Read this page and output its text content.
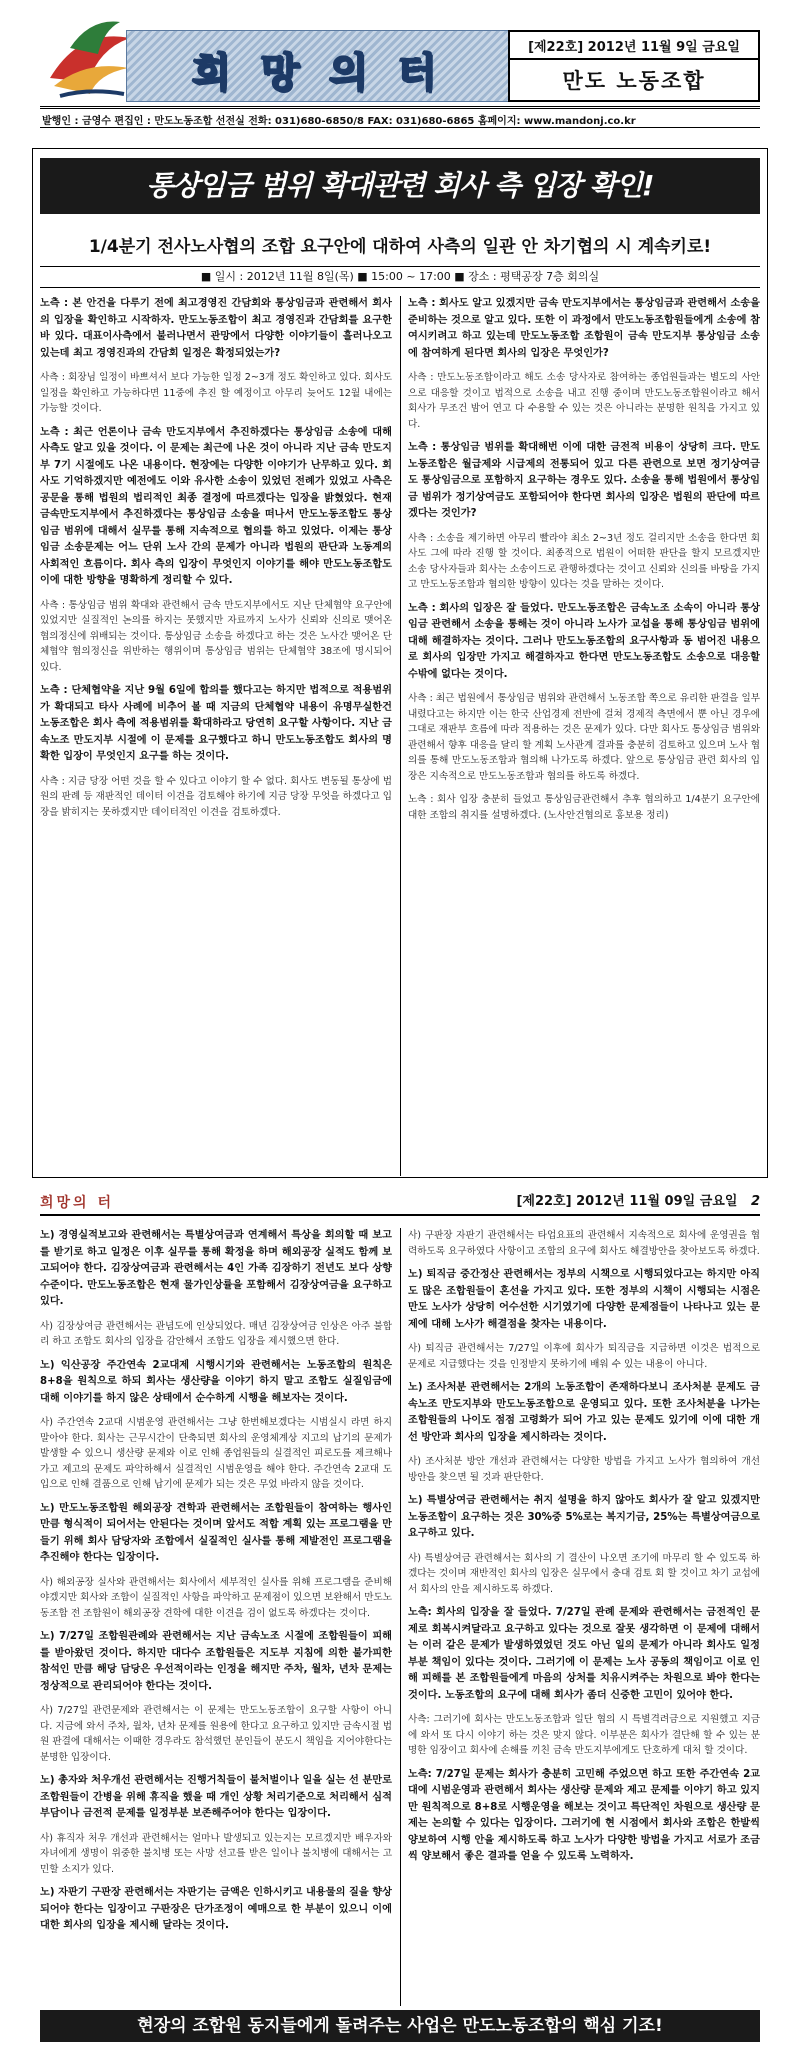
희 망 의 터
[제22호] 2012년 11월 9일 금요일
만도 노동조합
발행인 : 금영수 편집인 : 만도노동조합 선전실 전화: 031)680-6850/8 FAX: 031)680-6865 홈페이지: www.mandonj.co.kr
통상임금 범위 확대관련 회사 측 입장 확인!
1/4분기 전사노사협의 조합 요구안에 대하여 사측의 일관 안 차기협의 시 계속키로!
■ 일시 : 2012년 11월 8일(목) ■ 15:00 ~ 17:00 ■ 장소 : 평택공장 7층 회의실

노측 : 본 안건을 다루기 전에 최고경영진 간담회와 통상임금과 관련해서 회사의 입장을 확인하고 시작하자. 만도노동조합이 최고 경영진과 간담회를 요구한 바 있다. 대표이사측에서 불러나면서 관망에서 다양한 이야기들이 흘러나오고 있는데 최고 경영진과의 간담회 일정은 확정되었는가?

사측 : 회장님 일정이 바쁘셔서 보다 가능한 일정 2~3개 정도 확인하고 있다. 회사도 일정을 확인하고 가능하다면 11중에 추진 할 예정이고 아무리 늦어도 12월 내에는 가능할 것이다.

노측 : 최근 언론이나 금속 만도지부에서 추진하겠다는 통상임금 소송에 대해 사측도 알고 있을 것이다. 이 문제는 최근에 나온 것이 아니라 지난 금속 만도지부 7기 시절에도 나온 내용이다. 현장에는 다양한 이야기가 난무하고 있다. 회사도 기억하겠지만 예전에도 이와 유사한 소송이 있었던 전례가 있었고 사측은 공문을 통해 법원의 법리적인 최종 결정에 따르겠다는 입장을 밝혔었다. 현재 금속만도지부에서 추진하겠다는 통상임금 소송을 떠나서 만도노동조합도 통상임금 범위에 대해서 실무를 통해 지속적으로 협의를 하고 있었다. 이제는 통상임금 소송문제는 어느 단위 노사 간의 문제가 아니라 법원의 판단과 노동계의 사회적인 흐름이다. 회사 측의 입장이 무엇인지 이야기를 해야 만도노동조합도 이에 대한 방향을 명확하게 정리할 수 있다.

사측 : 통상임금 범위 확대와 관련해서 금속 만도지부에서도 지난 단체협약 요구안에 있었지만 실질적인 논의를 하지는 못했지만 자료까지 노사가 신뢰와 신의로 맺어온 협의정신에 위배되는 것이다. 통상임금 소송을 하겠다고 하는 것은 노사간 맺어온 단체협약 협의정신을 위반하는 행위이며 통상임금 범위는 단체협약 38조에 명시되어 있다.

노측 : 단체협약을 지난 9월 6일에 합의를 했다고는 하지만 법적으로 적용범위가 확대되고 타사 사례에 비추어 볼 때 지금의 단체협약 내용이 유명무실한건 노동조합은 회사 측에 적용범위를 확대하라고 당연히 요구할 사항이다. 지난 금속노조 만도지부 시절에 이 문제를 요구했다고 하니 만도노동조합도 회사의 명확한 입장이 무엇인지 요구를 하는 것이다.

사측 : 지금 당장 어떤 것을 할 수 있다고 이야기 할 수 없다. 회사도 변동될 통상에 법원의 판례 등 재판적인 데이터 이견을 검토해야 하기에 지금 당장 무엇을 하겠다고 입장을 밝히지는 못하겠지만 데이터적인 이견을 검토하겠다.

노측 : 회사도 알고 있겠지만 금속 만도지부에서는 통상임금과 관련해서 소송을 준비하는 것으로 알고 있다. 또한 이 과정에서 만도노동조합원들에게 소송에 참여시키려고 하고 있는데 만도노동조합 조합원이 금속 만도지부 통상임금 소송에 참여하게 된다면 회사의 입장은 무엇인가?

사측 : 만도노동조합이라고 해도 소송 당사자로 참여하는 종업원들과는 별도의 사안으로 대응할 것이고 법적으로 소송을 내고 진행 중이며 만도노동조합원이라고 해서 회사가 무조건 밤어 연고 다 수용할 수 있는 것은 아니라는 분명한 원칙을 가지고 있다.

노측 : 통상임금 범위를 확대해번 이에 대한 금전적 비용이 상당히 크다. 만도노동조합은 월급제와 시급제의 전통되어 있고 다른 관련으로 보면 정기상여금도 통상임금으로 포함하지 요구하는 경우도 있다. 소송을 통해 법원에서 통상임금 범위가 정기상여금도 포함되어야 한다면 회사의 입장은 법원의 판단에 따르겠다는 것인가?

사측 : 소송을 제기하면 아무리 빨라야 최소 2~3년 정도 걸리지만 소송을 한다면 회사도 그에 따라 진행 할 것이다. 최종적으로 법원이 어떠한 판단을 할지 모르겠지만 소송 당사자들과 회사는 소송이드로 관행하겠다는 것이고 신뢰와 신의를 바탕을 가지고 만도노동조합과 협의한 방향이 있다는 것을 말하는 것이다.

노측 : 회사의 입장은 잘 들었다. 만도노동조합은 금속노조 소속이 아니라 통상임금 관련해서 소송을 통해는 것이 아니라 노사가 교섭을 통해 통상임금 범위에 대해 해결하자는 것이다. 그러나 만도노동조합의 요구사항과 동 범어진 내용으로 회사의 입장만 가지고 해결하자고 한다면 만도노동조합도 소송으로 대응할 수밖에 없다는 것이다.

사측 : 최근 법원에서 통상임금 범위와 관련해서 노동조합 쪽으로 유리한 판결을 일부 내렸다고는 하지만 이는 한국 산업경제 전반에 걸쳐 경제적 측면에서 뿐 아닌 경우에 그대로 재판부 흐름에 따라 적용하는 것은 문제가 있다. 다만 회사도 통상임금 범위와 관련해서 향후 대응을 달리 할 계획 노사관계 결과를 충분히 검토하고 있으며 노사 협의를 통해 만도노동조합과 협의해 나가도록 하겠다. 앞으로 통상임금 관련 회사의 입장은 지속적으로 만도노동조합과 협의를 하도록 하겠다.

노측 : 회사 입장 충분히 들었고 통상임금관련해서 추후 협의하고 1/4분기 요구안에 대한 조합의 취지를 설명하겠다. (노사안건협의로 홍보용 정리)

희망의 터	[제22호] 2012년 11월 09일 금요일 2

노) 경영실적보고와 관련해서는 특별상여금과 연계해서 특상을 회의할 때 보고를 받기로 하고 일정은 이후 실무를 통해 확정을 하며 해외공장 실적도 함께 보고되어야 한다. 김장상여금과 관련해서는 4인 가족 김장하기 전년도 보다 상향수준이다. 만도노동조합은 현재 물가인상률을 포함해서 김장상여금을 요구하고 있다.

사) 김장상여금 관련해서는 관념도에 인상되었다. 매년 김장상여금 인상은 아주 불합리 하고 조합도 회사의 입장을 감안해서 조합도 입장을 제시했으면 한다.

노) 익산공장 주간연속 2교대제 시행시기와 관련해서는 노동조합의 원칙은 8+8을 원칙으로 하되 회사는 생산량을 이야기 하지 말고 조합도 실질임금에 대해 이야기를 하지 않은 상태에서 순수하게 시행을 해보자는 것이다.

사) 주간연속 2교대 시범운영 관련해서는 그냥 한번해보겠다는 시범실시 라면 하지 말아야 한다. 회사는 근무시간이 단축되면 회사의 운영체계상 지고의 납기의 문제가 발생할 수 있으니 생산량 문제와 이로 인해 종업원들의 실결적인 피로도를 제크해나가고 제고의 문제도 파악하해서 실결적인 시범운영을 해야 한다. 주간연속 2교대 도입으로 인해 결품으로 인해 납기에 문제가 되는 것은 무었 바라지 않을 것이다.

노) 만도노동조합원 해외공장 견학과 관련해서는 조합원들이 참여하는 행사인 만큼 형식적이 되어서는 안된다는 것이며 앞서도 적합 계획 있는 프로그램을 만들기 위해 회사 담당자와 조합에서 실질적인 실사를 통해 제발전인 프로그램을 추진해야 한다는 입장이다.

사) 해외공장 실사와 관련해서는 회사에서 세부적인 실사를 위해 프로그램을 준비해야겠지만 회사와 조합이 실질적인 사항을 파악하고 문제점이 있으면 보완해서 만도노동조합 전 조합원이 해외공장 견학에 대한 이견을 검이 없도록 하겠다는 것이다.

노) 7/27일 조합원관례와 관련해서는 지난 금속노조 시절에 조합원들이 피해를 받아왔던 것이다. 하지만 대다수 조합원들은 지도부 지침에 의한 불가피한 참석인 만큼 해당 담당은 우선적이라는 인정을 해지만 주차, 월차, 년차 문제는 정상적으로 관리되어야 한다는 것이다.

사) 7/27일 관련문제와 관련해서는 이 문제는 만도노동조합이 요구할 사항이 아니다. 지금에 와서 주차, 월차, 년차 문제를 원용에 한다고 요구하고 있지만 금속시절 법원 판결에 대해서는 이때한 경우라도 참석했던 분인들이 분도시 책임을 지어야한다는 분명한 입장이다.

노) 총자와 처우개선 관련해서는 진행거칙들이 불처벌이나 일을 실는 선 분만로 조합원들이 간병을 위해 휴직을 했을 때 개인 상황 처리기준으로 처리해서 심적 부담이나 금전적 문제를 일정부분 보존해주어야 한다는 입장이다.

사) 휴직자 처우 개선과 관련해서는 얼마나 발생되고 있는지는 모르겠지만 배우자와 자녀에게 생명이 위중한 불치병 또는 사망 선고를 받은 일이나 불치병에 대해서는 고민할 소지가 있다.

노) 자판기 구판장 관련해서는 자판기는 금액은 인하시키고 내용물의 질을 향상되어야 한다는 입장이고 구판장은 단가조정이 예매으로 한 부분이 있으니 이에 대한 회사의 입장을 제시해 달라는 것이다.

사) 구판장 자판기 관련해서는 타업요표의 관련해서 지속적으로 회사에 운영권을 협력하도록 요구하였다 사항이고 조합의 요구에 회사도 해결방안을 찾아보도록 하겠다.

노) 퇴직금 중간정산 관련해서는 정부의 시책으로 시행되었다고는 하지만 아직도 많은 조합원들이 혼선을 가지고 있다. 또한 정부의 시책이 시행되는 시점은 만도 노사가 상당히 어수선한 시기였기에 다양한 문제점들이 나타나고 있는 문제에 대해 노사가 해결점을 찾자는 내용이다.

사) 퇴직금 관련해서는 7/27일 이후에 회사가 퇴직금을 지급하면 이것은 법적으로 문제로 지급했다는 것을 인정받지 못하기에 배워 수 있는 내용이 아니다.

노) 조사처분 관련해서는 2개의 노동조합이 존재하다보니 조사처분 문제도 금속노조 만도지부와 만도노동조합으로 운영되고 있다. 또한 조사처분을 나가는 조합원들의 나이도 점점 고령화가 되어 가고 있는 문제도 있기에 이에 대한 개선 방안과 회사의 입장을 제시하라는 것이다.

사) 조사처분 방안 개선과 관련해서는 다양한 방법을 가지고 노사가 협의하여 개선 방안을 찾으면 될 것과 판단한다.

노) 특별상여금 관련해서는 취지 설명을 하지 않아도 회사가 잘 알고 있겠지만 노동조합이 요구하는 것은 30%중 5%로는 복지기금, 25%는 특별상여금으로 요구하고 있다.

사) 특별상여금 관련해서는 회사의 기 결산이 나오면 조기에 마무리 할 수 있도록 하겠다는 것이며 재반적인 회사의 입장은 실무에서 충대 검토 회 할 것이고 차기 교섭에서 회사의 안을 제시하도록 하겠다.

노측: 회사의 입장을 잘 들었다. 7/27일 관례 문제와 관련해서는 금전적인 문제로 회복시켜달라고 요구하고 있다는 것으로 잘못 생각하면 이 문제에 대해서는 이러 같은 문제가 발생하였었던 것도 아닌 일의 문제가 아니라 회사도 일정부분 책임이 있다는 것이다. 그러기에 이 문제는 노사 공동의 책임이고 이로 인해 피해를 본 조합원들에게 마음의 상처를 치유시켜주는 차원으로 봐야 한다는 것이다. 노동조합의 요구에 대해 회사가 좀더 신중한 고민이 있어야 한다.

사측: 그러기에 회사는 만도노동조합과 일단 협의 시 특별격려금으로 지원했고 지금에 와서 또 다시 이야기 하는 것은 맞지 않다. 이부분은 회사가 결단해 할 수 있는 분명한 임장이고 회사에 손해를 끼친 금속 만도지부에게도 단호하게 대처 할 것이다.

노측: 7/27일 문제는 회사가 충분히 고민해 주었으면 하고 또한 주간연속 2교대에 시범운영과 관련해서 회사는 생산량 문제와 제고 문제를 이야기 하고 있지만 원칙적으로 8+8로 시행운영을 해보는 것이고 특단적인 차원으로 생산량 문제는 논의할 수 있다는 입장이다. 그러기에 현 시점에서 회사와 조합은 한발씩 양보하여 시행 안을 제시하도록 하고 노사가 다양한 방법을 가지고 서로가 조금씩 양보해서 좋은 결과를 얻을 수 있도록 노력하자.

현장의 조합원 동지들에게 돌려주는 사업은 만도노동조합의 핵심 기조!
